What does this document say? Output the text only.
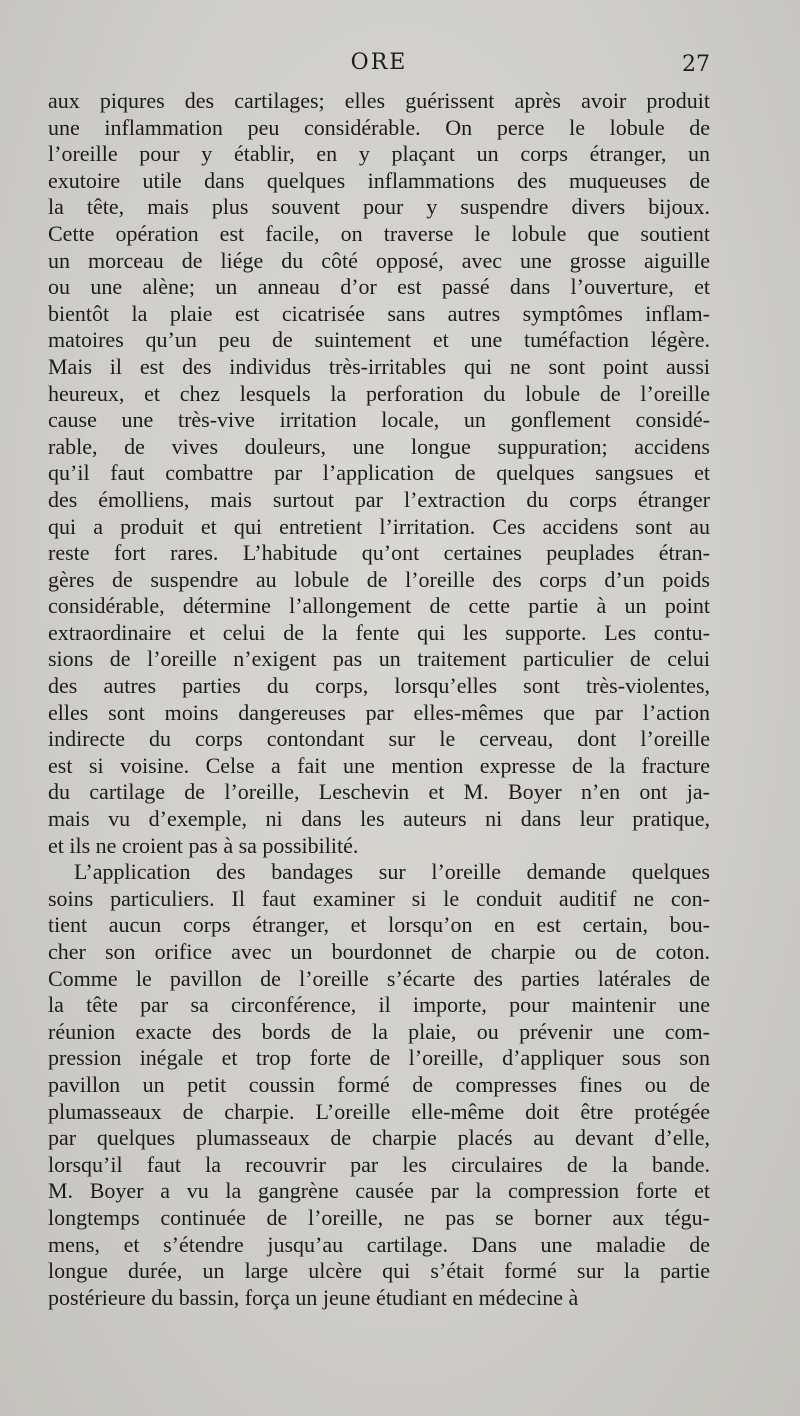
ORE	27

aux piqures des cartilages; elles guérissent après avoir produit
une inflammation peu considérable. On perce le lobule de
l’oreille pour y établir, en y plaçant un corps étranger, un
exutoire utile dans quelques inflammations des muqueuses de
la tête, mais plus souvent pour y suspendre divers bijoux.
Cette opération est facile, on traverse le lobule que soutient
un morceau de liége du côté opposé, avec une grosse aiguille
ou une alène; un anneau d’or est passé dans l’ouverture, et
bientôt la plaie est cicatrisée sans autres symptômes inflam-
matoires qu’un peu de suintement et une tuméfaction légère.
Mais il est des individus très-irritables qui ne sont point aussi
heureux, et chez lesquels la perforation du lobule de l’oreille
cause une très-vive irritation locale, un gonflement considé-
rable, de vives douleurs, une longue suppuration; accidens
qu’il faut combattre par l’application de quelques sangsues et
des émolliens, mais surtout par l’extraction du corps étranger
qui a produit et qui entretient l’irritation. Ces accidens sont au
reste fort rares. L’habitude qu’ont certaines peuplades étran-
gères de suspendre au lobule de l’oreille des corps d’un poids
considérable, détermine l’allongement de cette partie à un point
extraordinaire et celui de la fente qui les supporte. Les contu-
sions de l’oreille n’exigent pas un traitement particulier de celui
des autres parties du corps, lorsqu’elles sont très-violentes,
elles sont moins dangereuses par elles-mêmes que par l’action
indirecte du corps contondant sur le cerveau, dont l’oreille
est si voisine. Celse a fait une mention expresse de la fracture
du cartilage de l’oreille, Leschevin et M. Boyer n’en ont ja-
mais vu d’exemple, ni dans les auteurs ni dans leur pratique,
et ils ne croient pas à sa possibilité.

L’application des bandages sur l’oreille demande quelques
soins particuliers. Il faut examiner si le conduit auditif ne con-
tient aucun corps étranger, et lorsqu’on en est certain, bou-
cher son orifice avec un bourdonnet de charpie ou de coton.
Comme le pavillon de l’oreille s’écarte des parties latérales de
la tête par sa circonférence, il importe, pour maintenir une
réunion exacte des bords de la plaie, ou prévenir une com-
pression inégale et trop forte de l’oreille, d’appliquer sous son
pavillon un petit coussin formé de compresses fines ou de
plumasseaux de charpie. L’oreille elle-même doit être protégée
par quelques plumasseaux de charpie placés au devant d’elle,
lorsqu’il faut la recouvrir par les circulaires de la bande.
M. Boyer a vu la gangrène causée par la compression forte et
longtemps continuée de l’oreille, ne pas se borner aux tégu-
mens, et s’étendre jusqu’au cartilage. Dans une maladie de
longue durée, un large ulcère qui s’était formé sur la partie
postérieure du bassin, força un jeune étudiant en médecine à
